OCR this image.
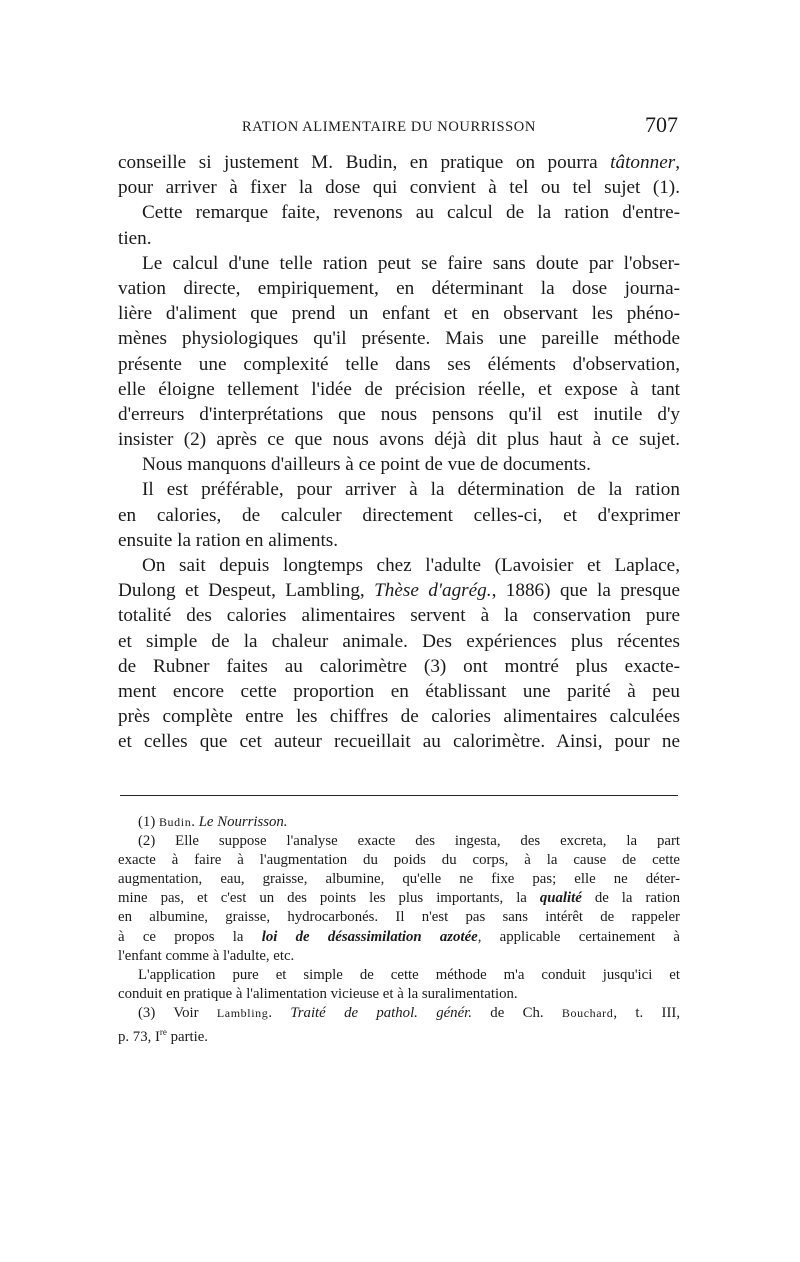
RATION ALIMENTAIRE DU NOURRISSON	707
conseille si justement M. Budin, en pratique on pourra tâtonner,
pour arriver à fixer la dose qui convient à tel ou tel sujet (1).
Cette remarque faite, revenons au calcul de la ration d'entre-
tien.
Le calcul d'une telle ration peut se faire sans doute par l'obser-
vation directe, empiriquement, en déterminant la dose journa-
lière d'aliment que prend un enfant et en observant les phéno-
mènes physiologiques qu'il présente. Mais une pareille méthode
présente une complexité telle dans ses éléments d'observation,
elle éloigne tellement l'idée de précision réelle, et expose à tant
d'erreurs d'interprétations que nous pensons qu'il est inutile d'y
insister (2) après ce que nous avons déjà dit plus haut à ce sujet.
Nous manquons d'ailleurs à ce point de vue de documents.
Il est préférable, pour arriver à la détermination de la ration
en calories, de calculer directement celles-ci, et d'exprimer
ensuite la ration en aliments.
On sait depuis longtemps chez l'adulte (Lavoisier et Laplace,
Dulong et Despeut, Lambling, Thèse d'agrég., 1886) que la presque
totalité des calories alimentaires servent à la conservation pure
et simple de la chaleur animale. Des expériences plus récentes
de Rubner faites au calorimètre (3) ont montré plus exacte-
ment encore cette proportion en établissant une parité à peu
près complète entre les chiffres de calories alimentaires calculées
et celles que cet auteur recueillait au calorimètre. Ainsi, pour ne
(1) Budin. Le Nourrisson.
(2) Elle suppose l'analyse exacte des ingesta, des excreta, la part
exacte à faire à l'augmentation du poids du corps, à la cause de cette
augmentation, eau, graisse, albumine, qu'elle ne fixe pas; elle ne déter-
mine pas, et c'est un des points les plus importants, la qualité de la ration
en albumine, graisse, hydrocarbonés. Il n'est pas sans intérêt de rappeler
à ce propos la loi de désassimilation azotée, applicable certainement à
l'enfant comme à l'adulte, etc.
L'application pure et simple de cette méthode m'a conduit jusqu'ici et
conduit en pratique à l'alimentation vicieuse et à la suralimentation.
(3) Voir Lambling. Traité de pathol. génér. de Ch. Bouchard, t. III,
p. 73, Ire partie.
